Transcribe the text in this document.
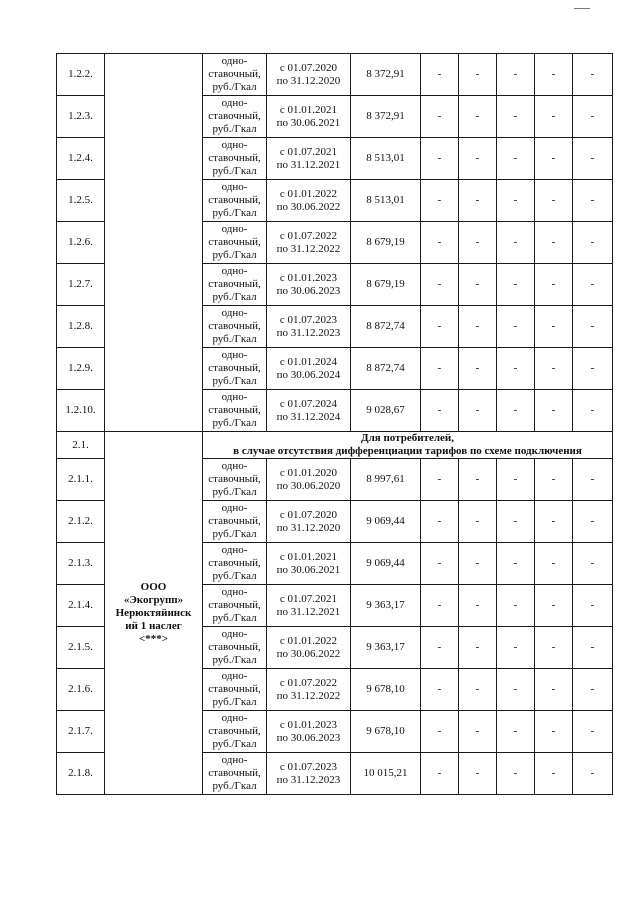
1.2.2.		одно-
ставочный,
руб./Гкал	с 01.07.2020
по 31.12.2020	8 372,91	-	-	-	-	-
1.2.3.		одно-
ставочный,
руб./Гкал	с 01.01.2021
по 30.06.2021	8 372,91	-	-	-	-	-
1.2.4.		одно-
ставочный,
руб./Гкал	с 01.07.2021
по 31.12.2021	8 513,01	-	-	-	-	-
1.2.5.		одно-
ставочный,
руб./Гкал	с 01.01.2022
по 30.06.2022	8 513,01	-	-	-	-	-
1.2.6.		одно-
ставочный,
руб./Гкал	с 01.07.2022
по 31.12.2022	8 679,19	-	-	-	-	-
1.2.7.		одно-
ставочный,
руб./Гкал	с 01.01.2023
по 30.06.2023	8 679,19	-	-	-	-	-
1.2.8.		одно-
ставочный,
руб./Гкал	с 01.07.2023
по 31.12.2023	8 872,74	-	-	-	-	-
1.2.9.		одно-
ставочный,
руб./Гкал	с 01.01.2024
по 30.06.2024	8 872,74	-	-	-	-	-
1.2.10.		одно-
ставочный,
руб./Гкал	с 01.07.2024
по 31.12.2024	9 028,67	-	-	-	-	-
2.1.	ООО
«Экогрупп»
Нерюктяйинск
ий 1 наслег
<***>	Для потребителей,
в случае отсутствия дифференциации тарифов по схеме подключения							
2.1.1.		одно-
ставочный,
руб./Гкал	с 01.01.2020
по 30.06.2020	8 997,61	-	-	-	-	-
2.1.2.		одно-
ставочный,
руб./Гкал	с 01.07.2020
по 31.12.2020	9 069,44	-	-	-	-	-
2.1.3.		одно-
ставочный,
руб./Гкал	с 01.01.2021
по 30.06.2021	9 069,44	-	-	-	-	-
2.1.4.		одно-
ставочный,
руб./Гкал	с 01.07.2021
по 31.12.2021	9 363,17	-	-	-	-	-
2.1.5.		одно-
ставочный,
руб./Гкал	с 01.01.2022
по 30.06.2022	9 363,17	-	-	-	-	-
2.1.6.		одно-
ставочный,
руб./Гкал	с 01.07.2022
по 31.12.2022	9 678,10	-	-	-	-	-
2.1.7.		одно-
ставочный,
руб./Гкал	с 01.01.2023
по 30.06.2023	9 678,10	-	-	-	-	-
2.1.8.		одно-
ставочный,
руб./Гкал	с 01.07.2023
по 31.12.2023	10 015,21	-	-	-	-	-
